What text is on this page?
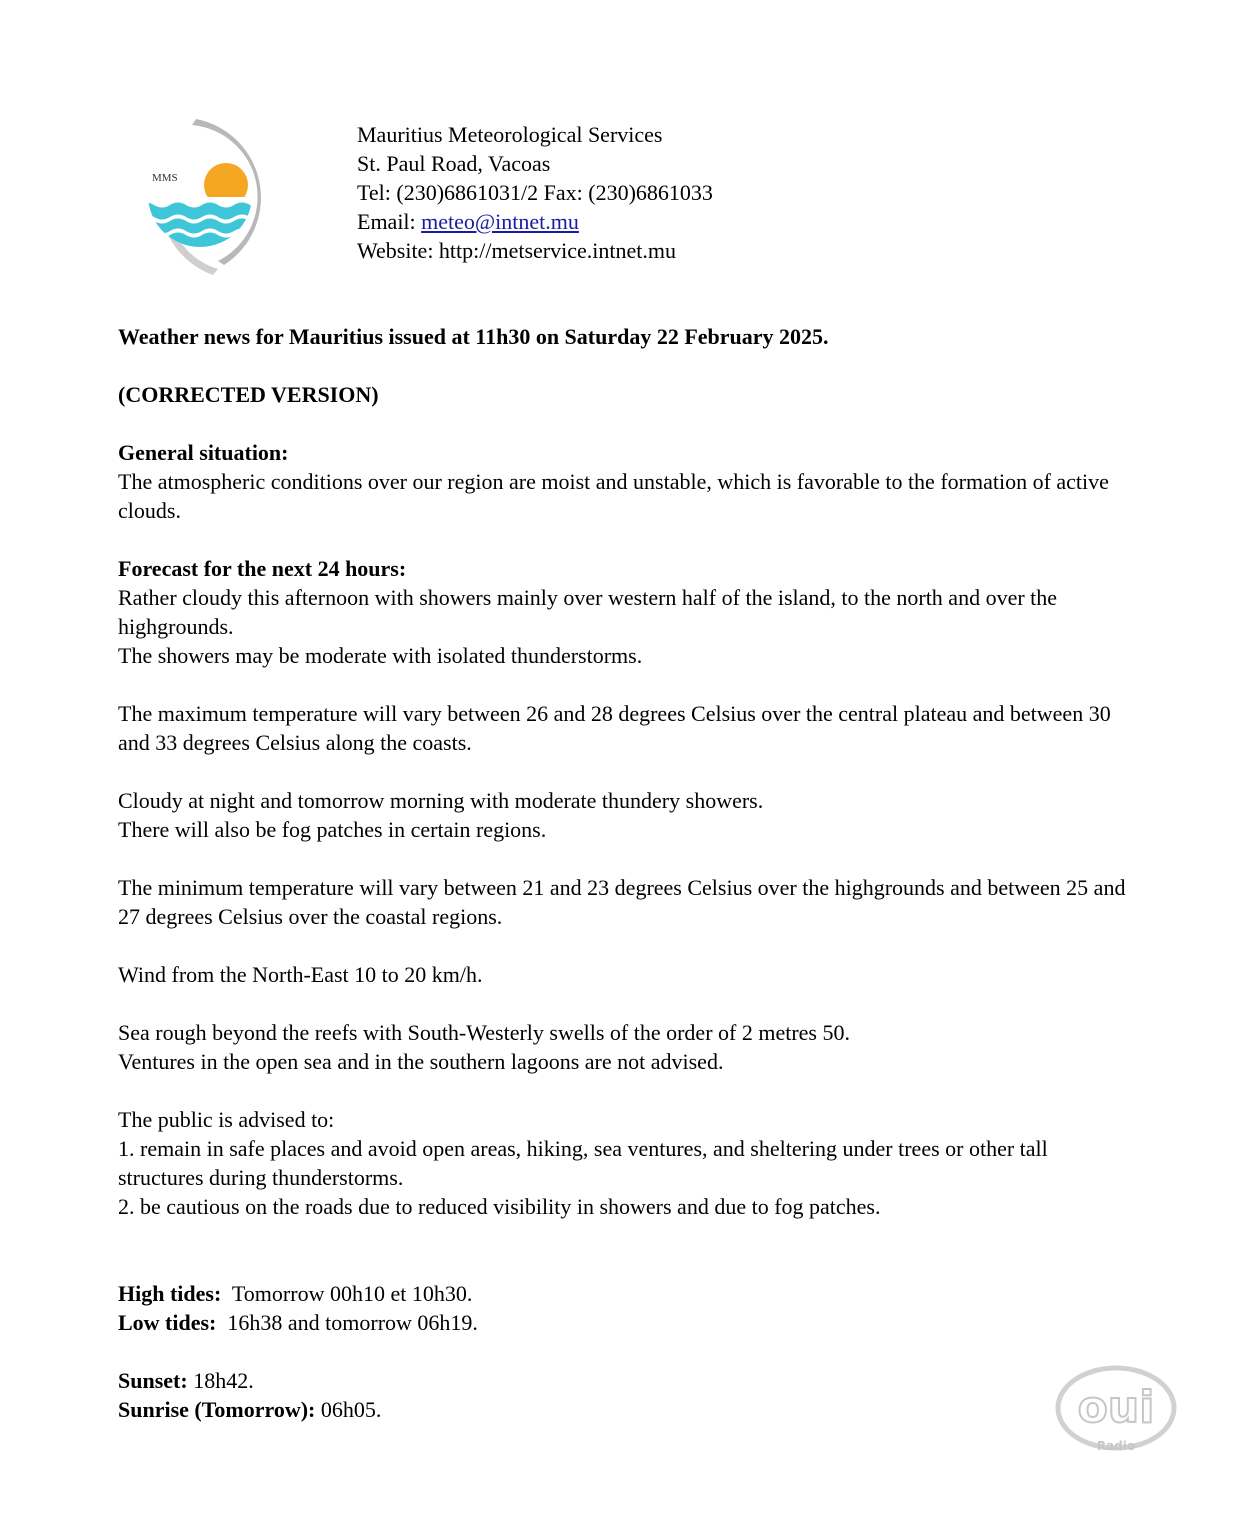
MMS
Mauritius Meteorological Services
St. Paul Road, Vacoas
Tel: (230)6861031/2 Fax: (230)6861033
Email: meteo@intnet.mu
Website: http://metservice.intnet.mu

Weather news for Mauritius issued at 11h30 on Saturday 22 February 2025.

(CORRECTED VERSION)

General situation:

The atmospheric conditions over our region are moist and unstable, which is favorable to the formation of active clouds.

Forecast for the next 24 hours:

Rather cloudy this afternoon with showers mainly over western half of the island, to the north and over the highgrounds.

The showers may be moderate with isolated thunderstorms.

The maximum temperature will vary between 26 and 28 degrees Celsius over the central plateau and between 30 and 33 degrees Celsius along the coasts.

Cloudy at night and tomorrow morning with moderate thundery showers.

There will also be fog patches in certain regions.

The minimum temperature will vary between 21 and 23 degrees Celsius over the highgrounds and between 25 and 27 degrees Celsius over the coastal regions.

Wind from the North-East 10 to 20 km/h.

Sea rough beyond the reefs with South-Westerly swells of the order of 2 metres 50.

Ventures in the open sea and in the southern lagoons are not advised.

The public is advised to:

1. remain in safe places and avoid open areas, hiking, sea ventures, and sheltering under trees or other tall structures during thunderstorms.

2. be cautious on the roads due to reduced visibility in showers and due to fog patches.

High tides:  Tomorrow 00h10 et 10h30.

Low tides:  16h38 and tomorrow 06h19.

Sunset: 18h42.

Sunrise (Tomorrow): 06h05.	oui
Radio
